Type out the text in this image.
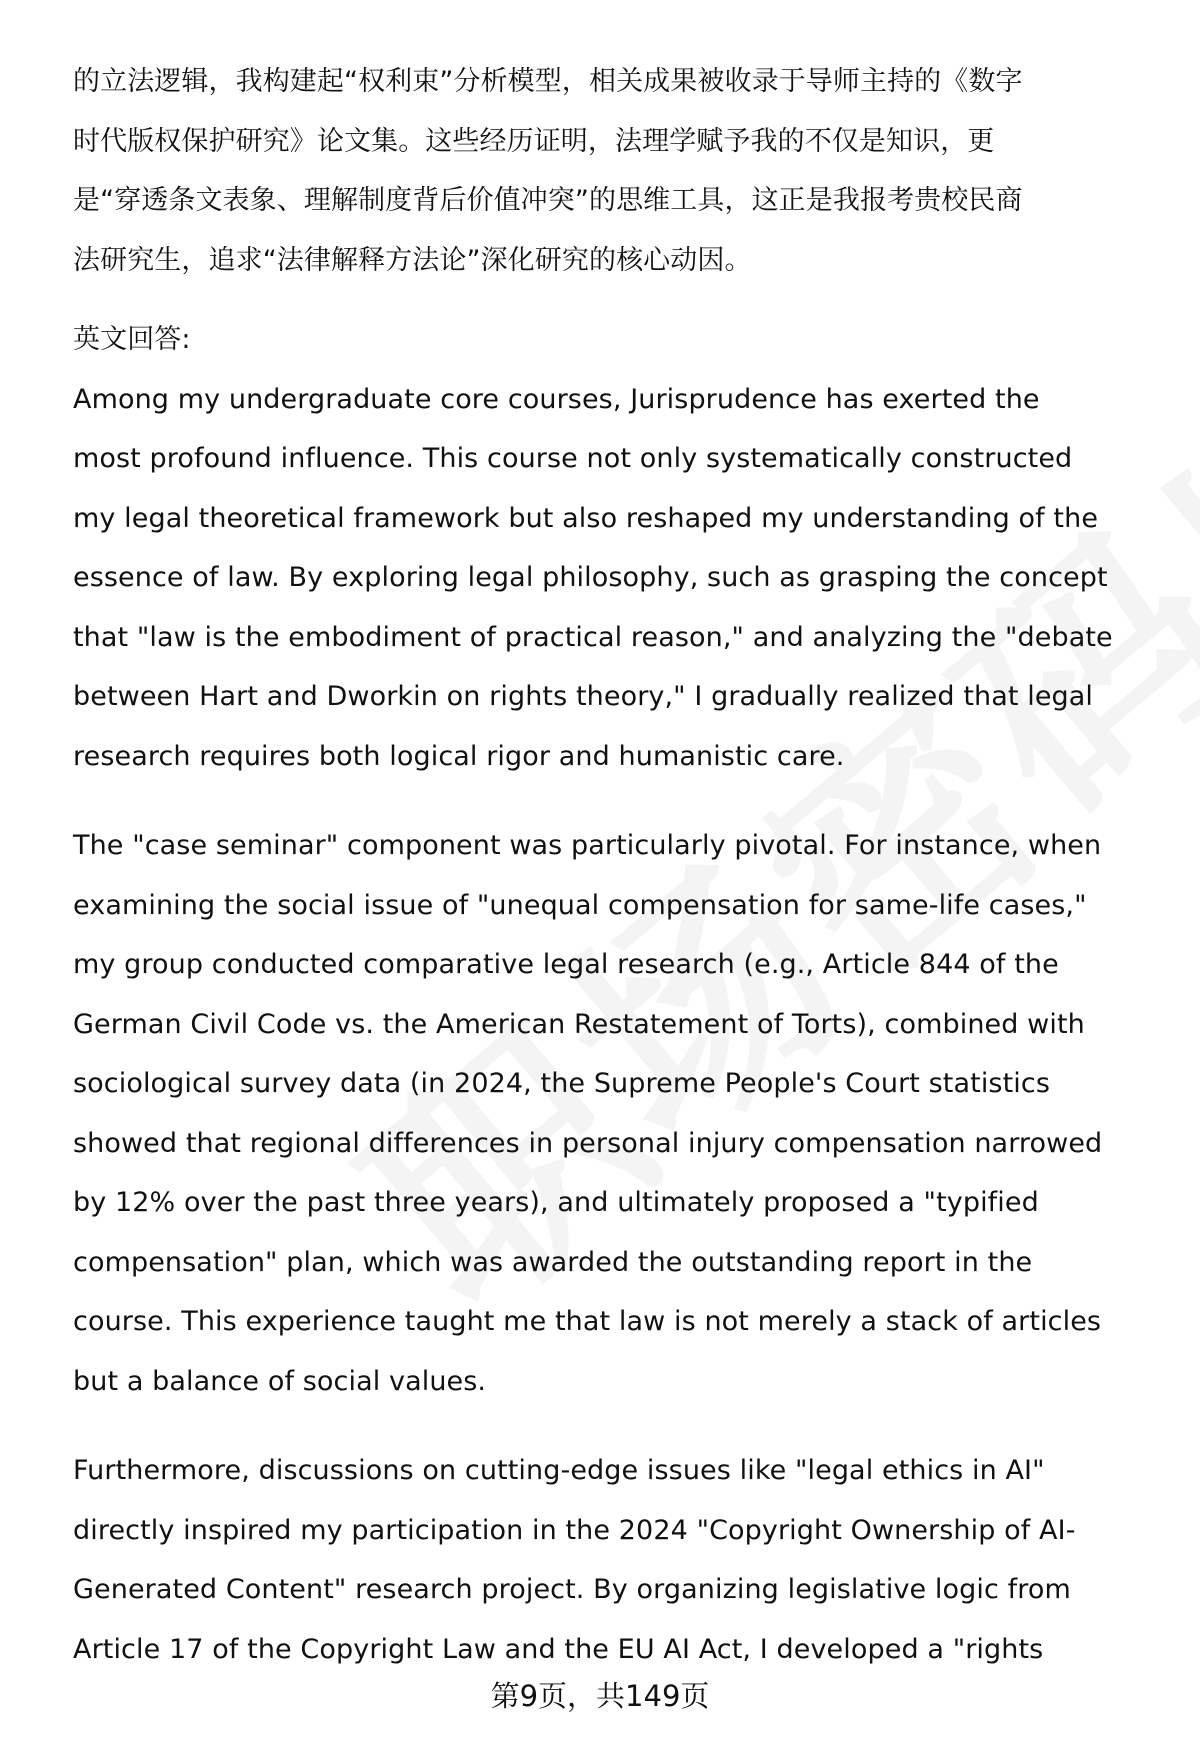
的立法逻辑，我构建起“权利束”分析模型，相关成果被收录于导师主持的《数字
时代版权保护研究》论文集。这些经历证明，法理学赋予我的不仅是知识，更
是“穿透条文表象、理解制度背后价值冲突”的思维工具，这正是我报考贵校民商
法研究生，追求“法律解释方法论”深化研究的核心动因。
英文回答:
Among my undergraduate core courses, Jurisprudence has exerted the
most profound influence. This course not only systematically constructed
my legal theoretical framework but also reshaped my understanding of the
essence of law. By exploring legal philosophy, such as grasping the concept
that "law is the embodiment of practical reason," and analyzing the "debate
between Hart and Dworkin on rights theory," I gradually realized that legal
research requires both logical rigor and humanistic care.
The "case seminar" component was particularly pivotal. For instance, when
examining the social issue of "unequal compensation for same-life cases,"
my group conducted comparative legal research (e.g., Article 844 of the
German Civil Code vs. the American Restatement of Torts), combined with
sociological survey data (in 2024, the Supreme People's Court statistics
showed that regional differences in personal injury compensation narrowed
by 12% over the past three years), and ultimately proposed a "typified
compensation" plan, which was awarded the outstanding report in the
course. This experience taught me that law is not merely a stack of articles
but a balance of social values.
Furthermore, discussions on cutting-edge issues like "legal ethics in AI"
directly inspired my participation in the 2024 "Copyright Ownership of AI-
Generated Content" research project. By organizing legislative logic from
Article 17 of the Copyright Law and the EU AI Act, I developed a "rights
第9页，共149页
